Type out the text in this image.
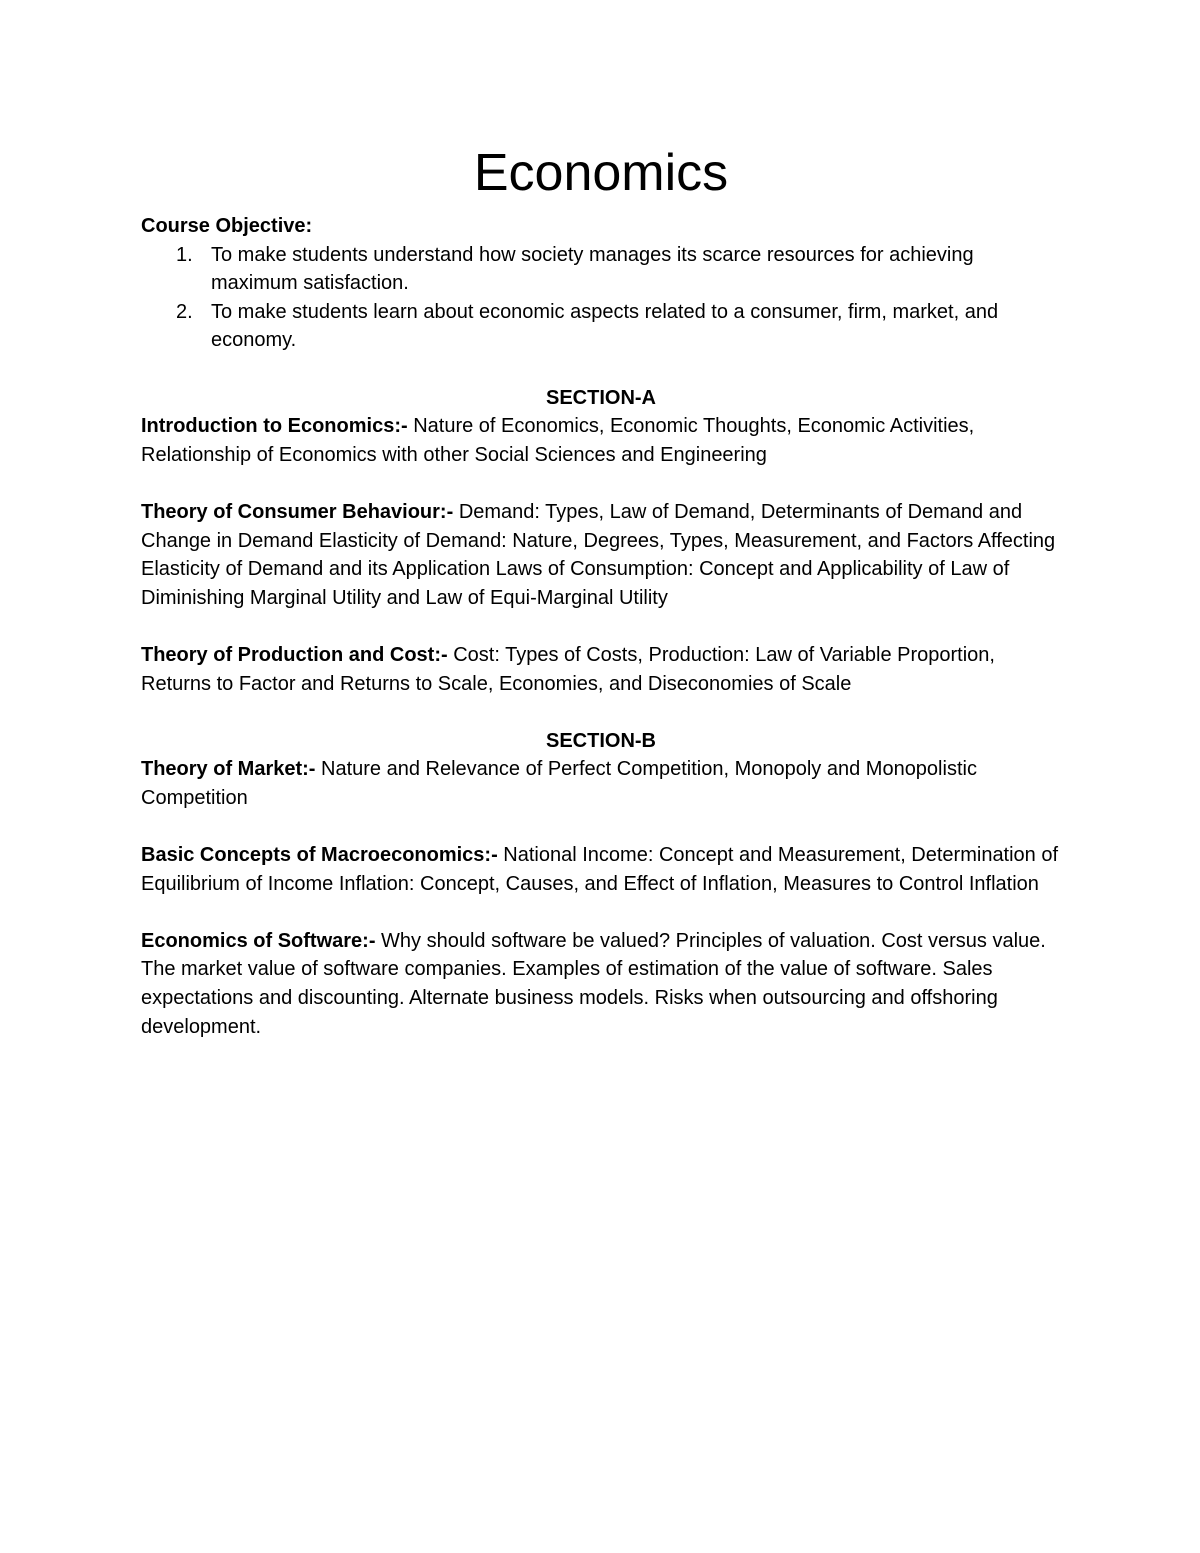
Economics

Course Objective:

1. To make students understand how society manages its scarce resources for achieving maximum satisfaction.
2. To make students learn about economic aspects related to a consumer, firm, market, and economy.

SECTION-A

Introduction to Economics:- Nature of Economics, Economic Thoughts, Economic Activities, Relationship of Economics with other Social Sciences and Engineering

Theory of Consumer Behaviour:- Demand: Types, Law of Demand, Determinants of Demand and Change in Demand Elasticity of Demand: Nature, Degrees, Types, Measurement, and Factors Affecting Elasticity of Demand and its Application Laws of Consumption: Concept and Applicability of Law of Diminishing Marginal Utility and Law of Equi-Marginal Utility

Theory of Production and Cost:- Cost: Types of Costs, Production: Law of Variable Proportion, Returns to Factor and Returns to Scale, Economies, and Diseconomies of Scale

SECTION-B

Theory of Market:- Nature and Relevance of Perfect Competition, Monopoly and Monopolistic Competition

Basic Concepts of Macroeconomics:- National Income: Concept and Measurement, Determination of Equilibrium of Income Inflation: Concept, Causes, and Effect of Inflation, Measures to Control Inflation

Economics of Software:- Why should software be valued? Principles of valuation. Cost versus value. The market value of software companies. Examples of estimation of the value of software. Sales expectations and discounting. Alternate business models. Risks when outsourcing and offshoring development.
